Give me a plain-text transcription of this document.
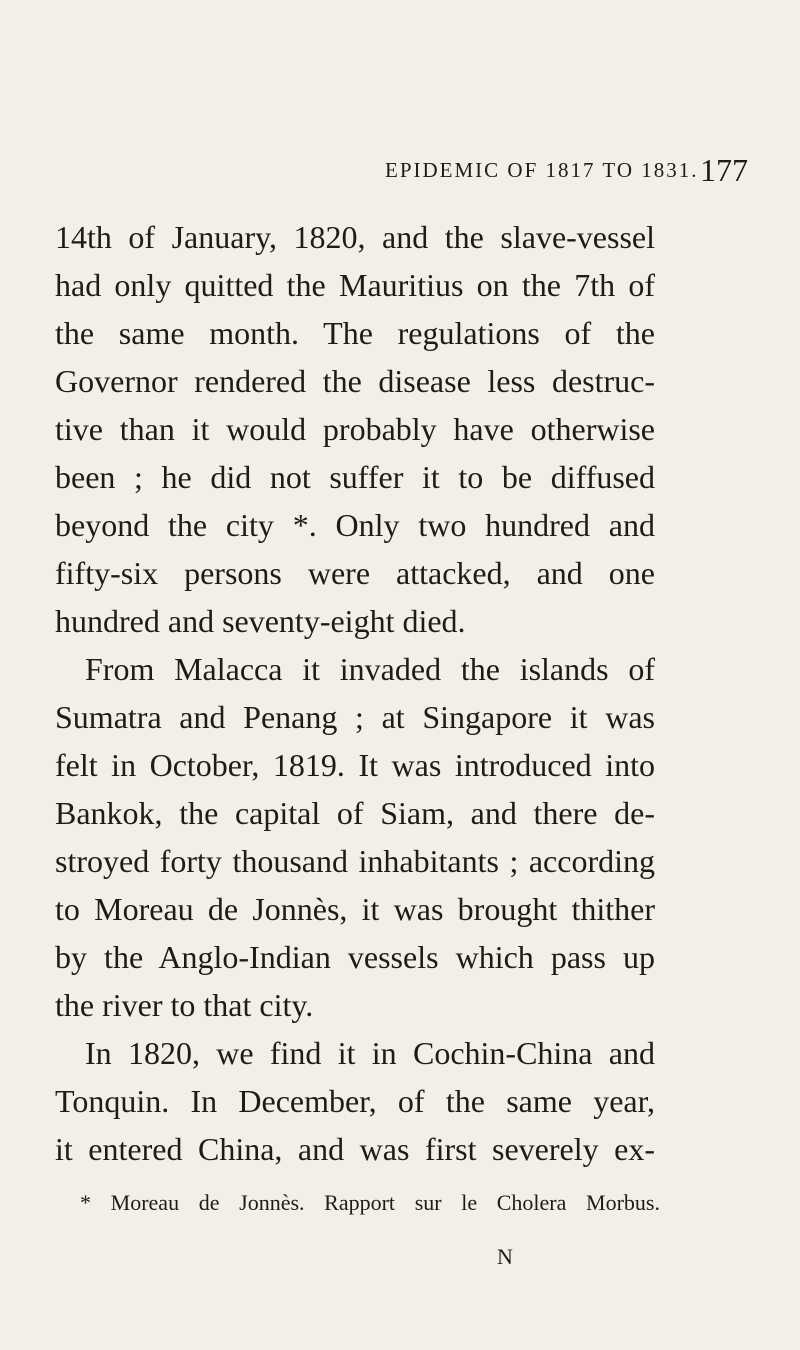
EPIDEMIC OF 1817 TO 1831. 177
14th of January, 1820, and the slave-vessel
had only quitted the Mauritius on the 7th of
the same month. The regulations of the
Governor rendered the disease less destruc-
tive than it would probably have otherwise
been ; he did not suffer it to be diffused
beyond the city *. Only two hundred and
fifty-six persons were attacked, and one
hundred and seventy-eight died.
From Malacca it invaded the islands of
Sumatra and Penang ; at Singapore it was
felt in October, 1819. It was introduced into
Bankok, the capital of Siam, and there de-
stroyed forty thousand inhabitants ; according
to Moreau de Jonnès, it was brought thither
by the Anglo-Indian vessels which pass up
the river to that city.
In 1820, we find it in Cochin-China and
Tonquin. In December, of the same year,
it entered China, and was first severely ex-
* Moreau de Jonnès. Rapport sur le Cholera Morbus.
N
